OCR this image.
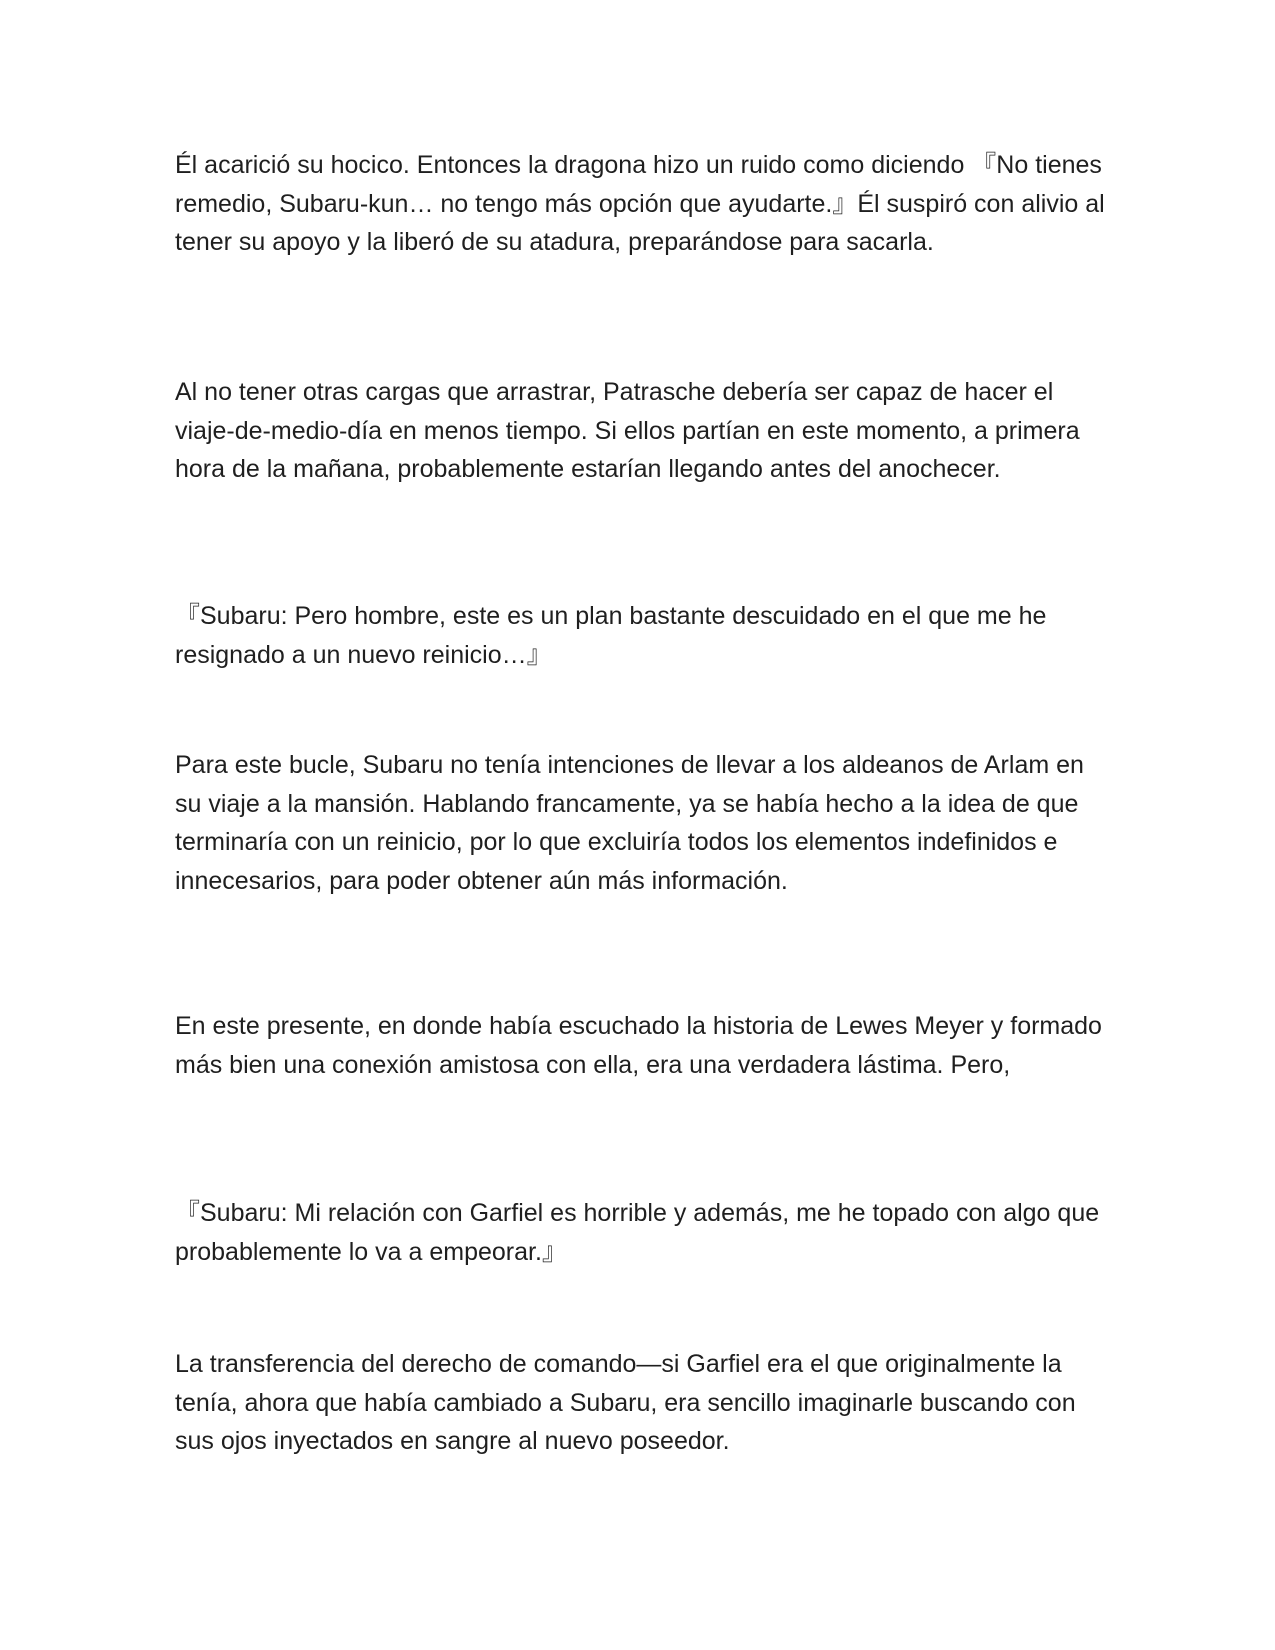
Él acarició su hocico. Entonces la dragona hizo un ruido como diciendo 『No tienes remedio, Subaru-kun… no tengo más opción que ayudarte.』Él suspiró con alivio al tener su apoyo y la liberó de su atadura, preparándose para sacarla.

Al no tener otras cargas que arrastrar, Patrasche debería ser capaz de hacer el viaje-de-medio-día en menos tiempo. Si ellos partían en este momento, a primera hora de la mañana, probablemente estarían llegando antes del anochecer.

『Subaru: Pero hombre, este es un plan bastante descuidado en el que me he resignado a un nuevo reinicio…』

Para este bucle, Subaru no tenía intenciones de llevar a los aldeanos de Arlam en su viaje a la mansión. Hablando francamente, ya se había hecho a la idea de que terminaría con un reinicio, por lo que excluiría todos los elementos indefinidos e innecesarios, para poder obtener aún más información.

En este presente, en donde había escuchado la historia de Lewes Meyer y formado más bien una conexión amistosa con ella, era una verdadera lástima. Pero,

『Subaru: Mi relación con Garfiel es horrible y además, me he topado con algo que probablemente lo va a empeorar.』

La transferencia del derecho de comando—si Garfiel era el que originalmente la tenía, ahora que había cambiado a Subaru, era sencillo imaginarle buscando con sus ojos inyectados en sangre al nuevo poseedor.
